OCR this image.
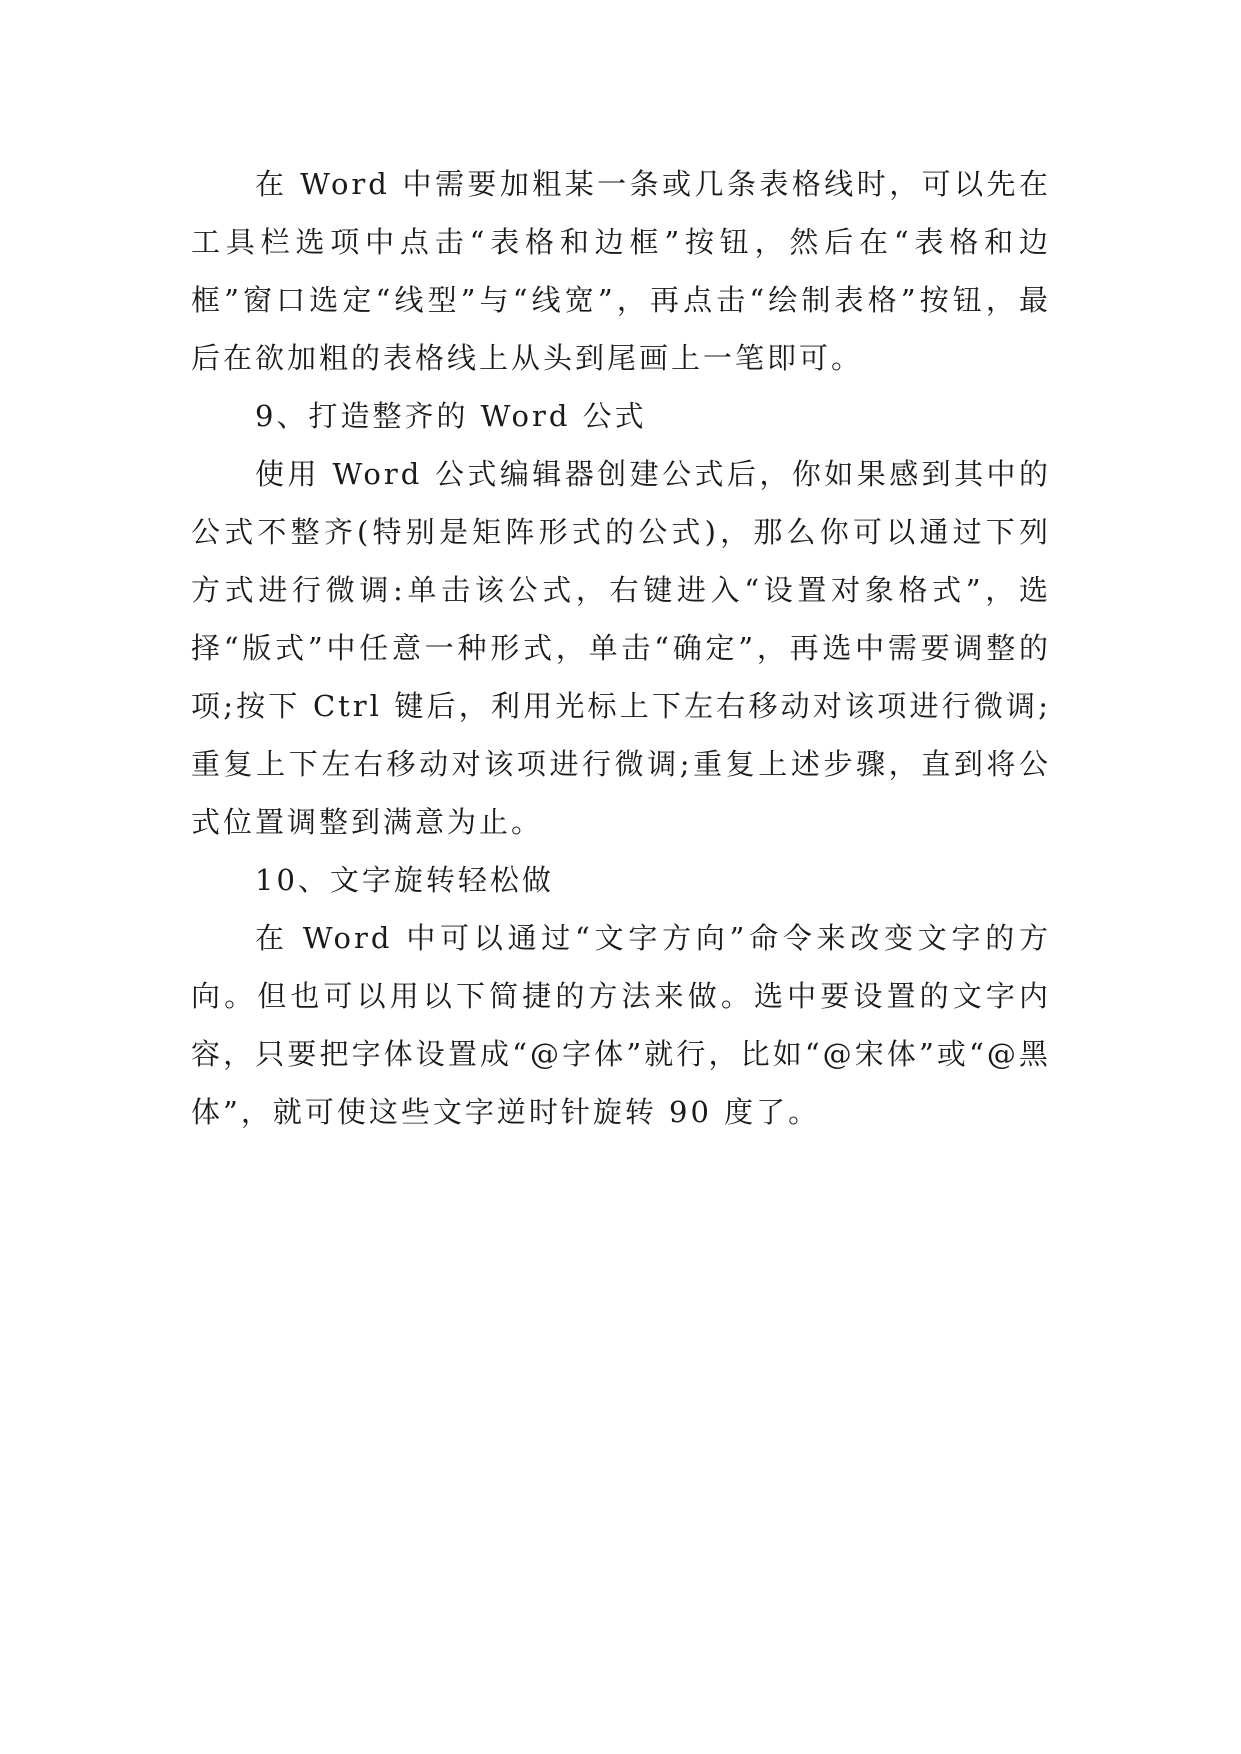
在 Word 中需要加粗某一条或几条表格线时，可以先在工具栏选项中点击“表格和边框”按钮，然后在“表格和边框”窗口选定“线型”与“线宽”，再点击“绘制表格”按钮，最后在欲加粗的表格线上从头到尾画上一笔即可。

9、打造整齐的 Word 公式

使用 Word 公式编辑器创建公式后，你如果感到其中的公式不整齐(特别是矩阵形式的公式)，那么你可以通过下列方式进行微调:单击该公式，右键进入“设置对象格式”，选择“版式”中任意一种形式，单击“确定”，再选中需要调整的项;按下 Ctrl 键后，利用光标上下左右移动对该项进行微调;重复上下左右移动对该项进行微调;重复上述步骤，直到将公式位置调整到满意为止。

10、文字旋转轻松做

在 Word 中可以通过“文字方向”命令来改变文字的方向。但也可以用以下简捷的方法来做。选中要设置的文字内容，只要把字体设置成“@字体”就行，比如“@宋体”或“@黑体”，就可使这些文字逆时针旋转 90 度了。
